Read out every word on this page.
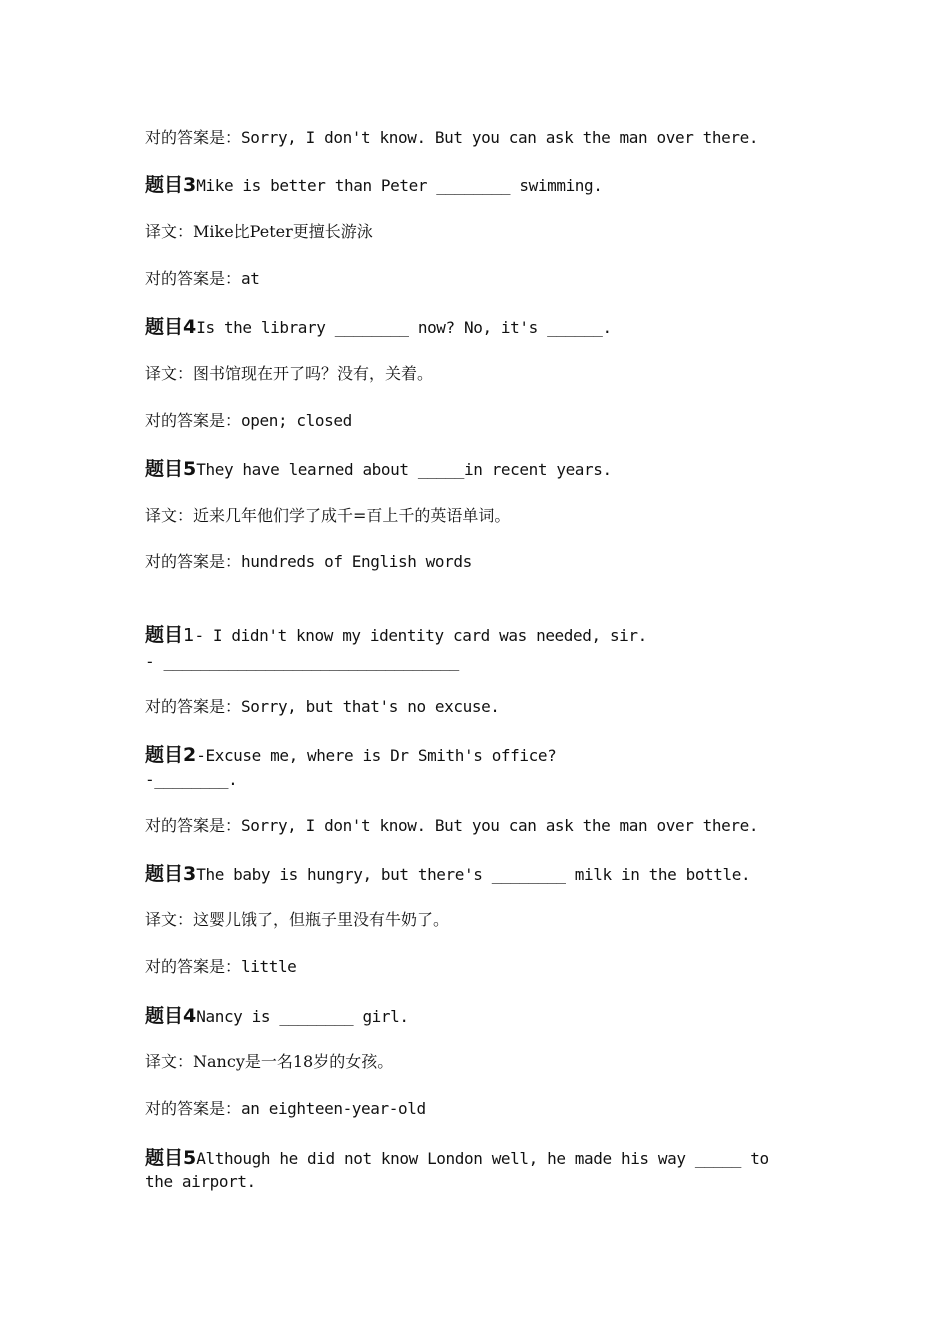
对的答案是：Sorry, I don't know. But you can ask the man over there.
题目3Mike is better than Peter ________ swimming.
译文：Mike比Peter更擅长游泳
对的答案是：at
题目4Is the library ________ now? No, it's ______.
译文：图书馆现在开了吗？没有，关着。
对的答案是：open; closed
题目5They have learned about _____in recent years.
译文：近来几年他们学了成千=百上千的英语单词。
对的答案是：hundreds of English words
题目1- I didn't know my identity card was needed, sir.
- ________________________________
对的答案是：Sorry, but that's no excuse.
题目2-Excuse me, where is Dr Smith's office?
-________.
对的答案是：Sorry, I don't know. But you can ask the man over there.
题目3The baby is hungry, but there's ________ milk in the bottle.
译文：这婴儿饿了，但瓶子里没有牛奶了。
对的答案是：little
题目4Nancy is ________ girl.
译文：Nancy是一名18岁的女孩。
对的答案是：an eighteen-year-old
题目5Although he did not know London well, he made his way _____ to
the airport.
